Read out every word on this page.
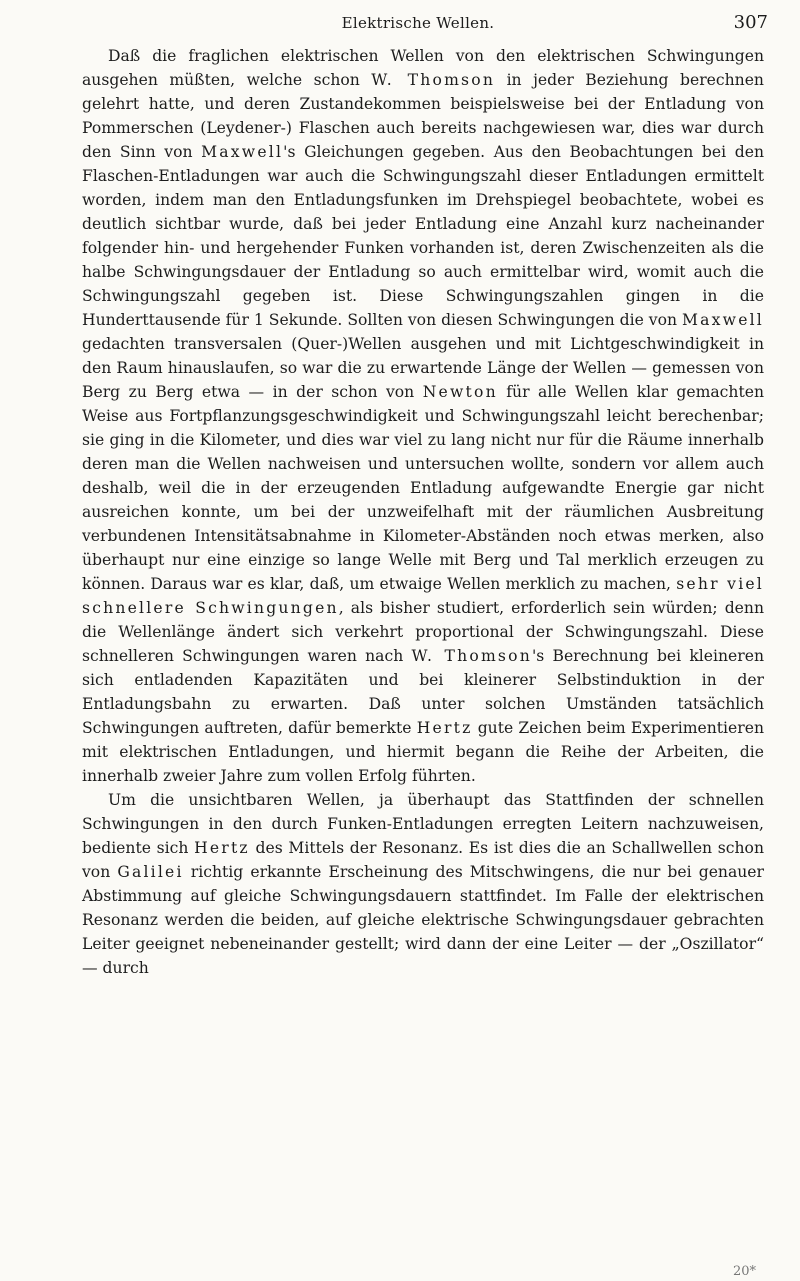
Elektrische Wellen.	307

Daß die fraglichen elektrischen Wellen von den elektrischen Schwingungen ausgehen müßten, welche schon W. Thomson in jeder Beziehung berechnen gelehrt hatte, und deren Zustandekommen beispielsweise bei der Entladung von Pommerschen (Leydener-) Flaschen auch bereits nachgewiesen war, dies war durch den Sinn von Maxwell's Gleichungen gegeben. Aus den Beobachtungen bei den Flaschen-Entladungen war auch die Schwingungszahl dieser Entladungen ermittelt worden, indem man den Entladungsfunken im Drehspiegel beobachtete, wobei es deutlich sichtbar wurde, daß bei jeder Entladung eine Anzahl kurz nacheinander folgender hin- und hergehender Funken vorhanden ist, deren Zwischenzeiten als die halbe Schwingungsdauer der Entladung so auch ermittelbar wird, womit auch die Schwingungszahl gegeben ist. Diese Schwingungszahlen gingen in die Hunderttausende für 1 Sekunde. Sollten von diesen Schwingungen die von Maxwell gedachten transversalen (Quer-)Wellen ausgehen und mit Lichtgeschwindigkeit in den Raum hinauslaufen, so war die zu erwartende Länge der Wellen — gemessen von Berg zu Berg etwa — in der schon von Newton für alle Wellen klar gemachten Weise aus Fortpflanzungsgeschwindigkeit und Schwingungszahl leicht berechenbar; sie ging in die Kilometer, und dies war viel zu lang nicht nur für die Räume innerhalb deren man die Wellen nachweisen und untersuchen wollte, sondern vor allem auch deshalb, weil die in der erzeugenden Entladung aufgewandte Energie gar nicht ausreichen konnte, um bei der unzweifelhaft mit der räumlichen Ausbreitung verbundenen Intensitätsabnahme in Kilometer-Abständen noch etwas merken, also überhaupt nur eine einzige so lange Welle mit Berg und Tal merklich erzeugen zu können. Daraus war es klar, daß, um etwaige Wellen merklich zu machen, sehr viel schnellere Schwingungen, als bisher studiert, erforderlich sein würden; denn die Wellenlänge ändert sich verkehrt proportional der Schwingungszahl. Diese schnelleren Schwingungen waren nach W. Thomson's Berechnung bei kleineren sich entladenden Kapazitäten und bei kleinerer Selbstinduktion in der Entladungsbahn zu erwarten. Daß unter solchen Umständen tatsächlich Schwingungen auftreten, dafür bemerkte Hertz gute Zeichen beim Experimentieren mit elektrischen Entladungen, und hiermit begann die Reihe der Arbeiten, die innerhalb zweier Jahre zum vollen Erfolg führten.

Um die unsichtbaren Wellen, ja überhaupt das Stattfinden der schnellen Schwingungen in den durch Funken-Entladungen erregten Leitern nachzuweisen, bediente sich Hertz des Mittels der Resonanz. Es ist dies die an Schallwellen schon von Galilei richtig erkannte Erscheinung des Mitschwingens, die nur bei genauer Abstimmung auf gleiche Schwingungsdauern stattfindet. Im Falle der elektrischen Resonanz werden die beiden, auf gleiche elektrische Schwingungsdauer gebrachten Leiter geeignet nebeneinander gestellt; wird dann der eine Leiter — der „Oszillator“ — durch

20*
